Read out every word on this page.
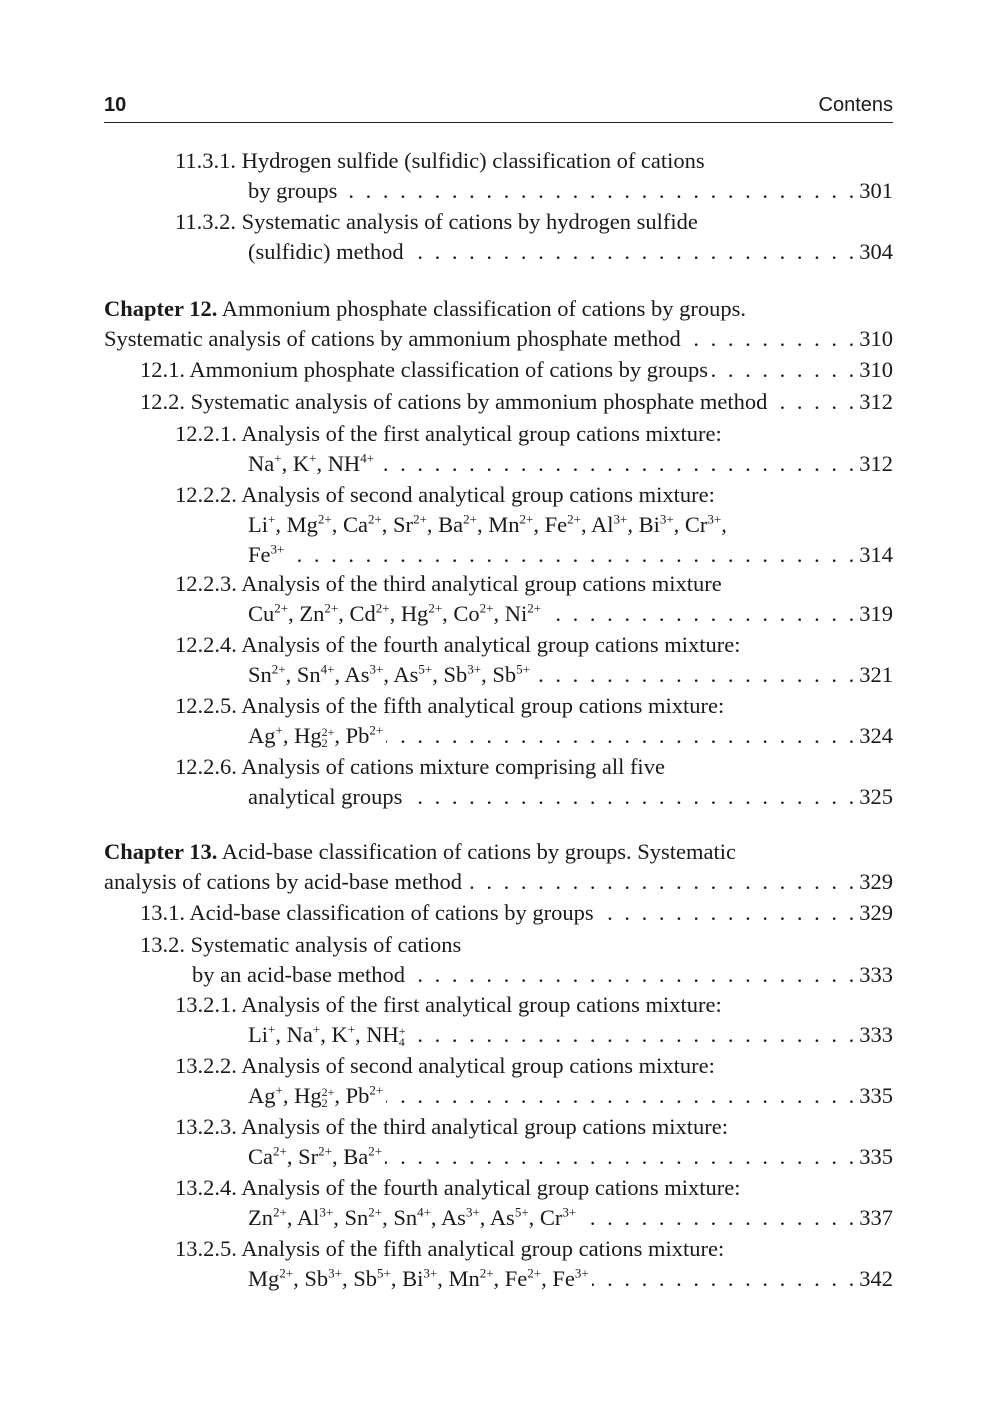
10	Contens
11.3.1. Hydrogen sulfide (sulfidic) classification of cations
by groups . . .	301
11.3.2. Systematic analysis of cations by hydrogen sulfide
(sulfidic) method . . .	304
Chapter 12. Ammonium phosphate classification of cations by groups.
Systematic analysis of cations by ammonium phosphate method . . .	310
12.1. Ammonium phosphate classification of cations by groups . . .	310
12.2. Systematic analysis of cations by ammonium phosphate method . . .	312
12.2.1. Analysis of the first analytical group cations mixture:
Na+, K+, $NH^{4+}$ . . .	312
12.2.2. Analysis of second analytical group cations mixture:
Li+, $Mg^{2+}$, $Ca^{2+}$, $Sr^{2+}$, $Ba^{2+}$, $Mn^{2+}$, $Fe^{2+}$, $Al^{3+}$, $Bi^{3+}$, $Cr^{3+}$,
$Fe^{3+}$ . . .	314
12.2.3. Analysis of the third analytical group cations mixture
$Cu^{2+}$, $Zn^{2+}$, $Cd^{2+}$, $Hg^{2+}$, $Co^{2+}$, $Ni^{2+}$ . . .	319
12.2.4. Analysis of the fourth analytical group cations mixture:
$Sn^{2+}$, $Sn^{4+}$, $As^{3+}$, $As^{5+}$, $Sb^{3+}$, $Sb^{5+}$ . . .	321
12.2.5. Analysis of the fifth analytical group cations mixture:
Ag+, Hg 2+
2 , $Pb^{2+}$ . . .	324
12.2.6. Analysis of cations mixture comprising all five
analytical groups . . .	325
Chapter 13. Acid-base classification of cations by groups. Systematic
analysis of cations by acid-base method . . .	329
13.1. Acid-base classification of cations by groups . . .	329
13.2. Systematic analysis of cations
by an acid-base method . . .	333
13.2.1. Analysis of the first analytical group cations mixture:
Li+, Na+, K+, NH +
4 . . .	333
13.2.2. Analysis of second analytical group cations mixture:
Ag+, Hg 2+
2 , $Pb^{2+}$ . . .	335
13.2.3. Analysis of the third analytical group cations mixture:
$Ca^{2+}$, $Sr^{2+}$, $Ba^{2+}$ . . .	335
13.2.4. Analysis of the fourth analytical group cations mixture:
$Zn^{2+}$, $Al^{3+}$, $Sn^{2+}$, $Sn^{4+}$, $As^{3+}$, $As^{5+}$, $Cr^{3+}$ . . .	337
13.2.5. Analysis of the fifth analytical group cations mixture:
$Mg^{2+}$, $Sb^{3+}$, $Sb^{5+}$, $Bi^{3+}$, $Mn^{2+}$, $Fe^{2+}$, $Fe^{3+}$ . . .	342
